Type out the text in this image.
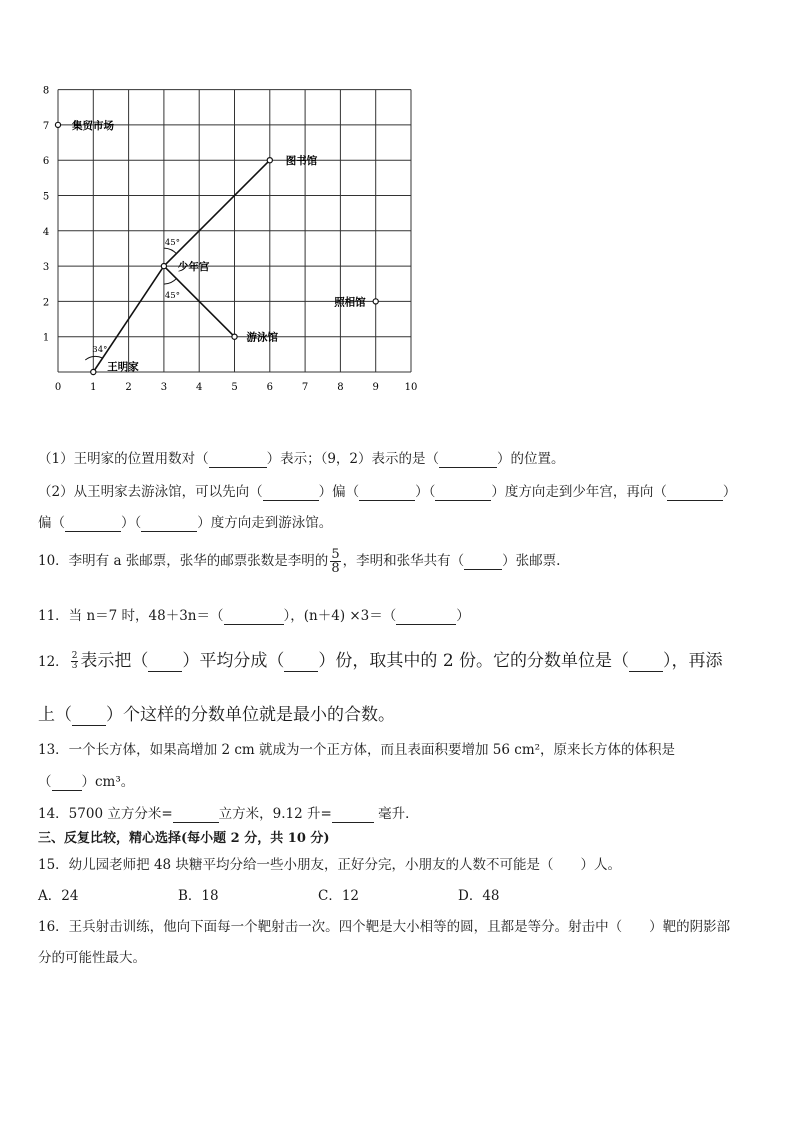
0	1	2	3	4	5	6	7	8	9	10
1
2
3
4
5
6
7
8
45°
45°
34°
集贸市场
图书馆
少年宫
照相馆
游泳馆
王明家
（1）王明家的位置用数对（	）表示；（9，2）表示的是（	）的位置。
（2）从王明家去游泳馆，可以先向（	）偏（	）（	）度方向走到少年宫，再向（	）
偏（	）（	）度方向走到游泳馆。
10．李明有 a 张邮票，张华的邮票张数是李明的 $\frac{5}{8}$ ，李明和张华共有（	）张邮票.
11．当 n＝7 时，48＋3n＝（	），(n＋4) ×3＝（	）
12． $\frac{2}{3}$ 表示把（ ）平均分成（ ）份，取其中的 2 份。它的分数单位是（ ），再添
上（ ）个这样的分数单位就是最小的合数。
13．一个长方体，如果高增加 2 cm 就成为一个正方体，而且表面积要增加 56 cm²，原来长方体的体积是
（ ）cm³。
14．5700 立方分米=	立方米，9.12 升=	毫升．
三、反复比较，精心选择(每小题 2 分，共 10 分)
15．幼儿园老师把 48 块糖平均分给一些小朋友，正好分完，小朋友的人数不可能是（　　）人。
A．24	B．18	C．12	D．48
16．王兵射击训练，他向下面每一个靶射击一次。四个靶是大小相等的圆，且都是等分。射击中（　　）靶的阴影部
分的可能性最大。
